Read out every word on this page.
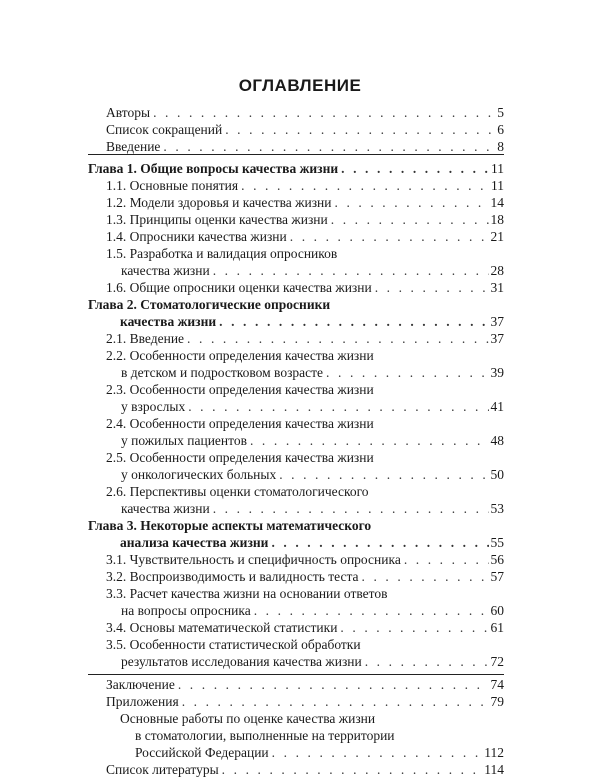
ОГЛАВЛЕНИЕ
Авторы . . .	5
Список сокращений . . .	6
Введение . . .	8
Глава 1. Общие вопросы качества жизни . . .	11
1.1. Основные понятия . . .	11
1.2. Модели здоровья и качества жизни . . .	14
1.3. Принципы оценки качества жизни . . .	18
1.4. Опросники качества жизни . . .	21
1.5. Разработка и валидация опросников
качества жизни . . .	28
1.6. Общие опросники оценки качества жизни . . .	31
Глава 2. Стоматологические опросники
качества жизни . . .	37
2.1. Введение . . .	37
2.2. Особенности определения качества жизни
в детском и подростковом возрасте . . .	39
2.3. Особенности определения качества жизни
у взрослых . . .	41
2.4. Особенности определения качества жизни
у пожилых пациентов . . .	48
2.5. Особенности определения качества жизни
у онкологических больных . . .	50
2.6. Перспективы оценки стоматологического
качества жизни . . .	53
Глава 3. Некоторые аспекты математического
анализа качества жизни . . .	55
3.1. Чувствительность и специфичность опросника . . .	56
3.2. Воспроизводимость и валидность теста . . .	57
3.3. Расчет качества жизни на основании ответов
на вопросы опросника . . .	60
3.4. Основы математической статистики . . .	61
3.5. Особенности статистической обработки
результатов исследования качества жизни . . .	72
Заключение . . .	74
Приложения . . .	79
Основные работы по оценке качества жизни
в стоматологии, выполненные на территории
Российской Федерации . . .	112
Список литературы . . .	114
